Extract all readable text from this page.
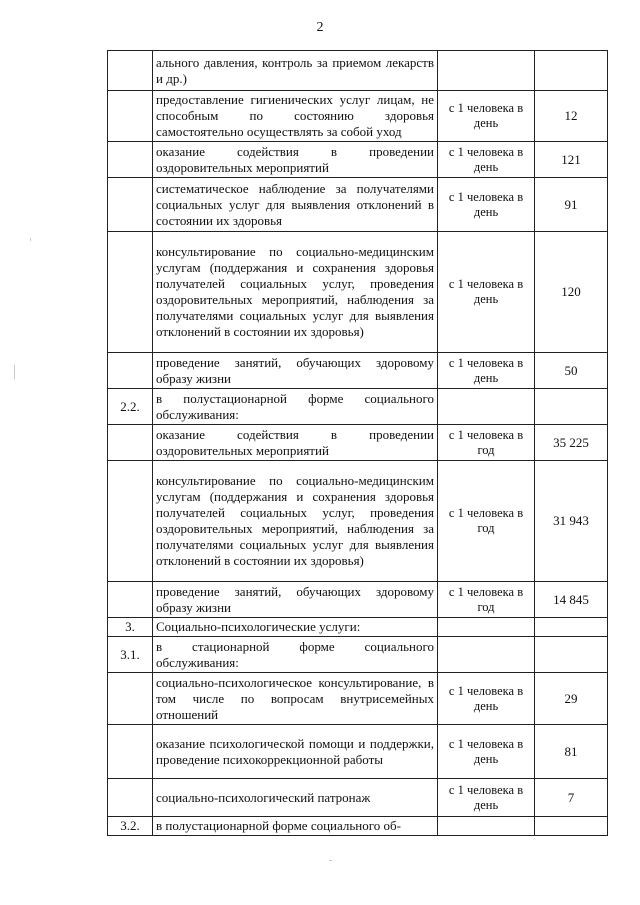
2
	ального давления, контроль за приемом лекарств и др.)		
	предоставление гигиенических услуг лицам, не способным по состоянию здоровья самостоятельно осуществлять за собой уход	с 1 человека в день	12
	оказание содействия в проведении оздоровительных мероприятий	с 1 человека в день	121
	систематическое наблюдение за получателями социальных услуг для выявления отклонений в состоянии их здоровья	с 1 человека в день	91
	консультирование по социально-медицинским услугам (поддержания и сохранения здоровья получателей социальных услуг, проведения оздоровительных мероприятий, наблюдения за получателями социальных услуг для выявления отклонений в состоянии их здоровья)	с 1 человека в день	120
	проведение занятий, обучающих здоровому образу жизни	с 1 человека в день	50
2.2.	в полустационарной форме социального обслуживания:		
	оказание содействия в проведении оздоровительных мероприятий	с 1 человека в год	35 225
	консультирование по социально-медицинским услугам (поддержания и сохранения здоровья получателей социальных услуг, проведения оздоровительных мероприятий, наблюдения за получателями социальных услуг для выявления отклонений в состоянии их здоровья)	с 1 человека в год	31 943
	проведение занятий, обучающих здоровому образу жизни	с 1 человека в год	14 845
3.	Социально-психологические услуги:		
3.1.	в стационарной форме социального обслуживания:		
	социально-психологическое консультирование, в том числе по вопросам внутрисемейных отношений	с 1 человека в день	29
	оказание психологической помощи и поддержки, проведение психокоррекционной работы	с 1 человека в день	81
	социально-психологический патронаж	с 1 человека в день	7
3.2.	в полустационарной форме социального об-		
